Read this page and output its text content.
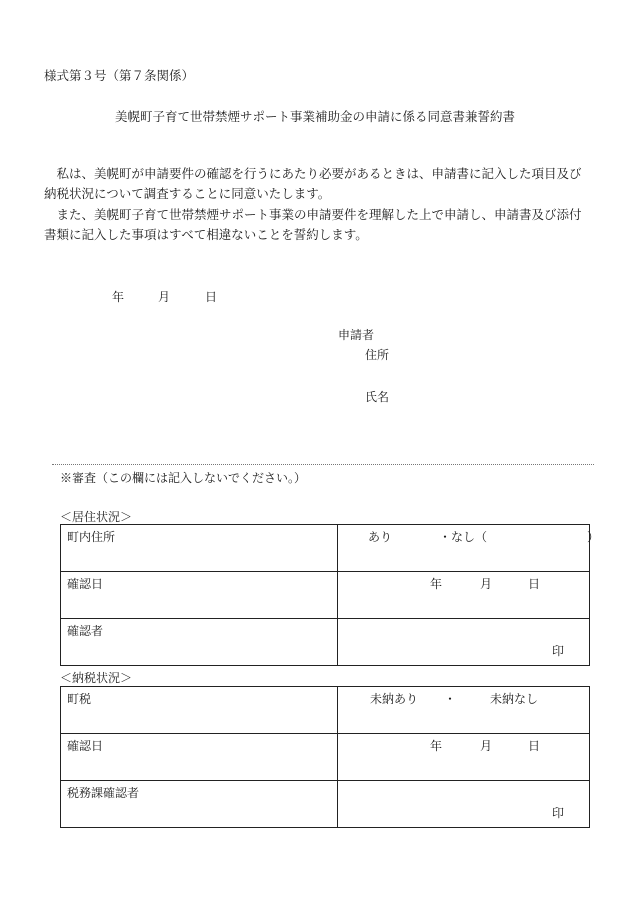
様式第３号（第７条関係）
美幌町子育て世帯禁煙サポート事業補助金の申請に係る同意書兼誓約書
　私は、美幌町が申請要件の確認を行うにあたり必要があるときは、申請書に記入した項目及び納税状況について調査することに同意いたします。
　また、美幌町子育て世帯禁煙サポート事業の申請要件を理解した上で申請し、申請書及び添付書類に記入した事項はすべて相違ないことを誓約します。
年	月	日
申請者
住所
氏名
※審査（この欄には記入しないでください。）
＜居住状況＞
町内住所	あり ・なし（ ）

確認日	年 月 日

確認者	印
＜納税状況＞
町税	未納あり ・ 未納なし

確認日	年 月 日

税務課確認者	印
